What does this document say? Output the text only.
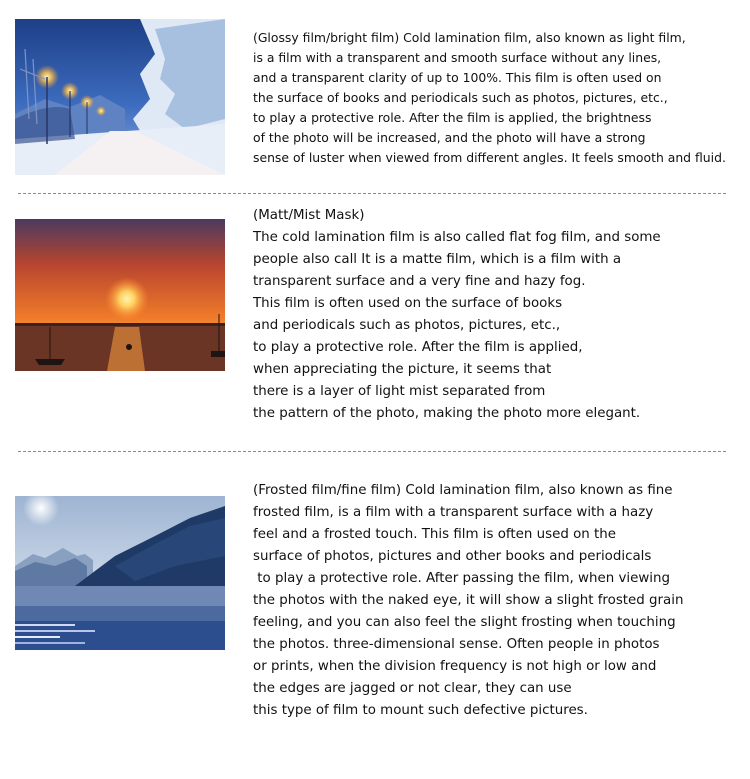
(Glossy film/bright film) Cold lamination film, also known as light film,
is a film with a transparent and smooth surface without any lines,
and a transparent clarity of up to 100%. This film is often used on
the surface of books and periodicals such as photos, pictures, etc.,
to play a protective role. After the film is applied, the brightness
of the photo will be increased, and the photo will have a strong
sense of luster when viewed from different angles. It feels smooth and fluid.
(Matt/Mist Mask)
The cold lamination film is also called flat fog film, and some
people also call It is a matte film, which is a film with a
transparent surface and a very fine and hazy fog.
This film is often used on the surface of books
and periodicals such as photos, pictures, etc.,
to play a protective role. After the film is applied,
when appreciating the picture, it seems that
there is a layer of light mist separated from
the pattern of the photo, making the photo more elegant.
(Frosted film/fine film) Cold lamination film, also known as fine
frosted film, is a film with a transparent surface with a hazy
feel and a frosted touch. This film is often used on the
surface of photos, pictures and other books and periodicals
to play a protective role. After passing the film, when viewing
the photos with the naked eye, it will show a slight frosted grain
feeling, and you can also feel the slight frosting when touching
the photos. three-dimensional sense. Often people in photos
or prints, when the division frequency is not high or low and
the edges are jagged or not clear, they can use
this type of film to mount such defective pictures.
